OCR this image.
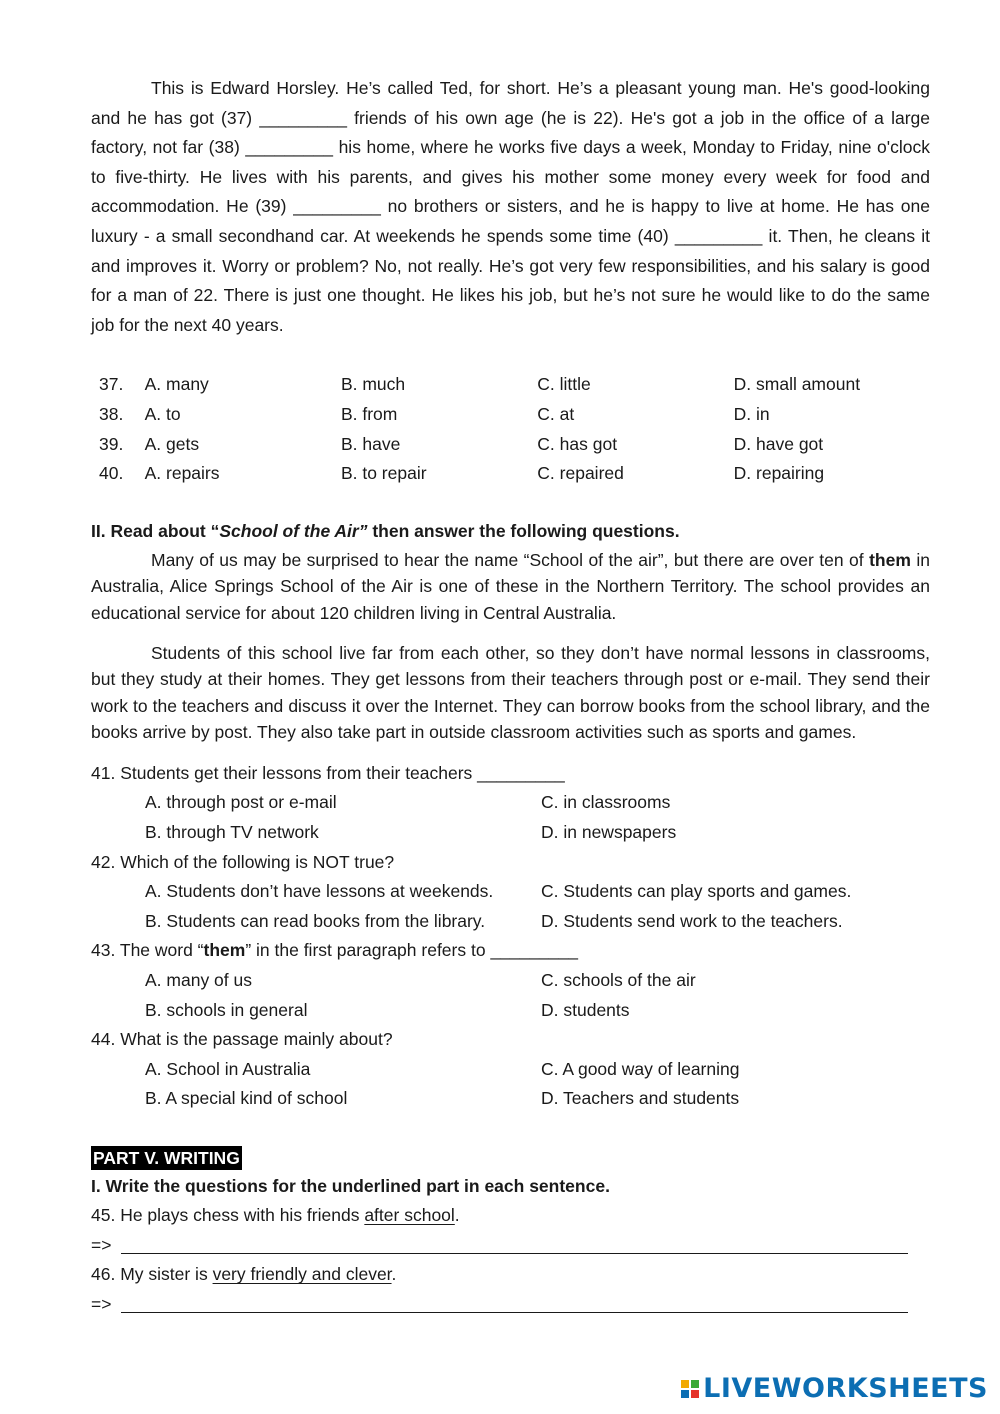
This is Edward Horsley. He’s called Ted, for short. He’s a pleasant young man. He's good-looking and he has got (37) _________ friends of his own age (he is 22). He's got a job in the office of a large factory, not far (38) _________ his home, where he works five days a week, Monday to Friday, nine o'clock to five-thirty. He lives with his parents, and gives his mother some money every week for food and accommodation. He (39) _________ no brothers or sisters, and he is happy to live at home. He has one luxury - a small secondhand car. At weekends he spends some time (40) _________ it. Then, he cleans it and improves it. Worry or problem? No, not really. He’s got very few responsibilities, and his salary is good for a man of 22. There is just one thought. He likes his job, but he’s not sure he would like to do the same job for the next 40 years.

37.	A. many	B. much	C. little	D. small amount
38.	A. to	B. from	C. at	D. in
39.	A. gets	B. have	C. has got	D. have got
40.	A. repairs	B. to repair	C. repaired	D. repairing

II. Read about “School of the Air” then answer the following questions.

Many of us may be surprised to hear the name “School of the air”, but there are over ten of them in Australia, Alice Springs School of the Air is one of these in the Northern Territory. The school provides an educational service for about 120 children living in Central Australia.

Students of this school live far from each other, so they don’t have normal lessons in classrooms, but they study at their homes. They get lessons from their teachers through post or e-mail. They send their work to the teachers and discuss it over the Internet. They can borrow books from the school library, and the books arrive by post. They also take part in outside classroom activities such as sports and games.

41. Students get their lessons from their teachers _________

A. through post or e-mail	C. in classrooms
B. through TV network	D. in newspapers

42. Which of the following is NOT true?

A. Students don’t have lessons at weekends.	C. Students can play sports and games.
B. Students can read books from the library.	D. Students send work to the teachers.

43. The word “them” in the first paragraph refers to _________

A. many of us	C. schools of the air
B. schools in general	D. students

44. What is the passage mainly about?

A. School in Australia	C. A good way of learning
B. A special kind of school	D. Teachers and students
PART V. WRITING

I. Write the questions for the underlined part in each sentence.

45. He plays chess with his friends after school.

=>

46. My sister is very friendly and clever.

=>
LIVEWORKSHEETS
